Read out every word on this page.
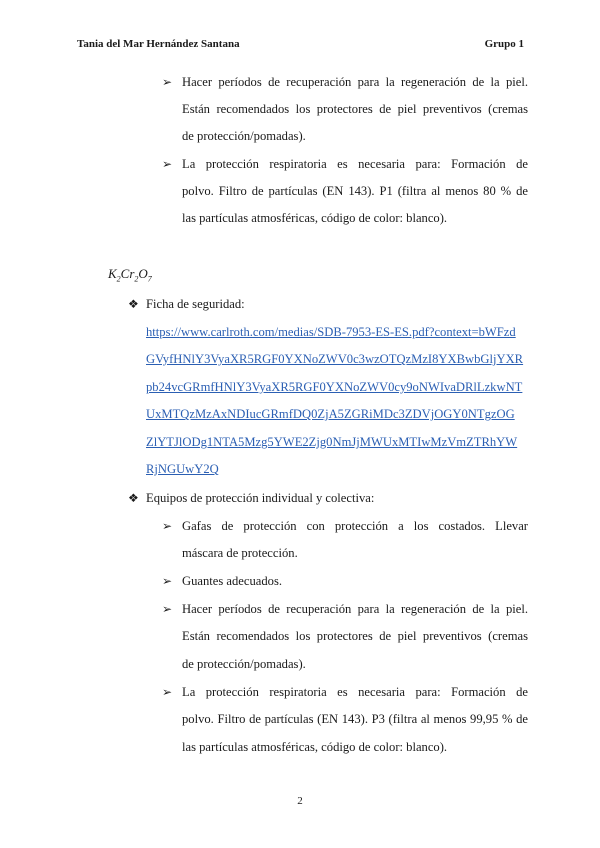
Tania del Mar Hernández Santana	Grupo 1
➢ Hacer períodos de recuperación para la regeneración de la piel.
Están recomendados los protectores de piel preventivos (cremas
de protección/pomadas).
➢ La protección respiratoria es necesaria para: Formación de
polvo. Filtro de partículas (EN 143). P1 (filtra al menos 80 % de
las partículas atmosféricas, código de color: blanco).
$K_2Cr_2O_7$
❖ Ficha de seguridad:
https://www.carlroth.com/medias/SDB-7953-ES-ES.pdf?context=bWFzd
GVyfHNlY3VyaXR5RGF0YXNoZWV0c3wzOTQzMzI8YXBwbGljYXR
pb24vcGRmfHNlY3VyaXR5RGF0YXNoZWV0cy9oNWIvaDRlLzkwNT
UxMTQzMzAxNDIucGRmfDQ0ZjA5ZGRiMDc3ZDVjOGY0NTgzOG
ZlYTJlODg1NTA5Mzg5YWE2Zjg0NmJjMWUxMTIwMzVmZTRhYW
RjNGUwY2Q
❖ Equipos de protección individual y colectiva:
➢ Gafas de protección con protección a los costados. Llevar
máscara de protección.
➢ Guantes adecuados.
➢ Hacer períodos de recuperación para la regeneración de la piel.
Están recomendados los protectores de piel preventivos (cremas
de protección/pomadas).
➢ La protección respiratoria es necesaria para: Formación de
polvo. Filtro de partículas (EN 143). P3 (filtra al menos 99,95 % de
las partículas atmosféricas, código de color: blanco).
2
